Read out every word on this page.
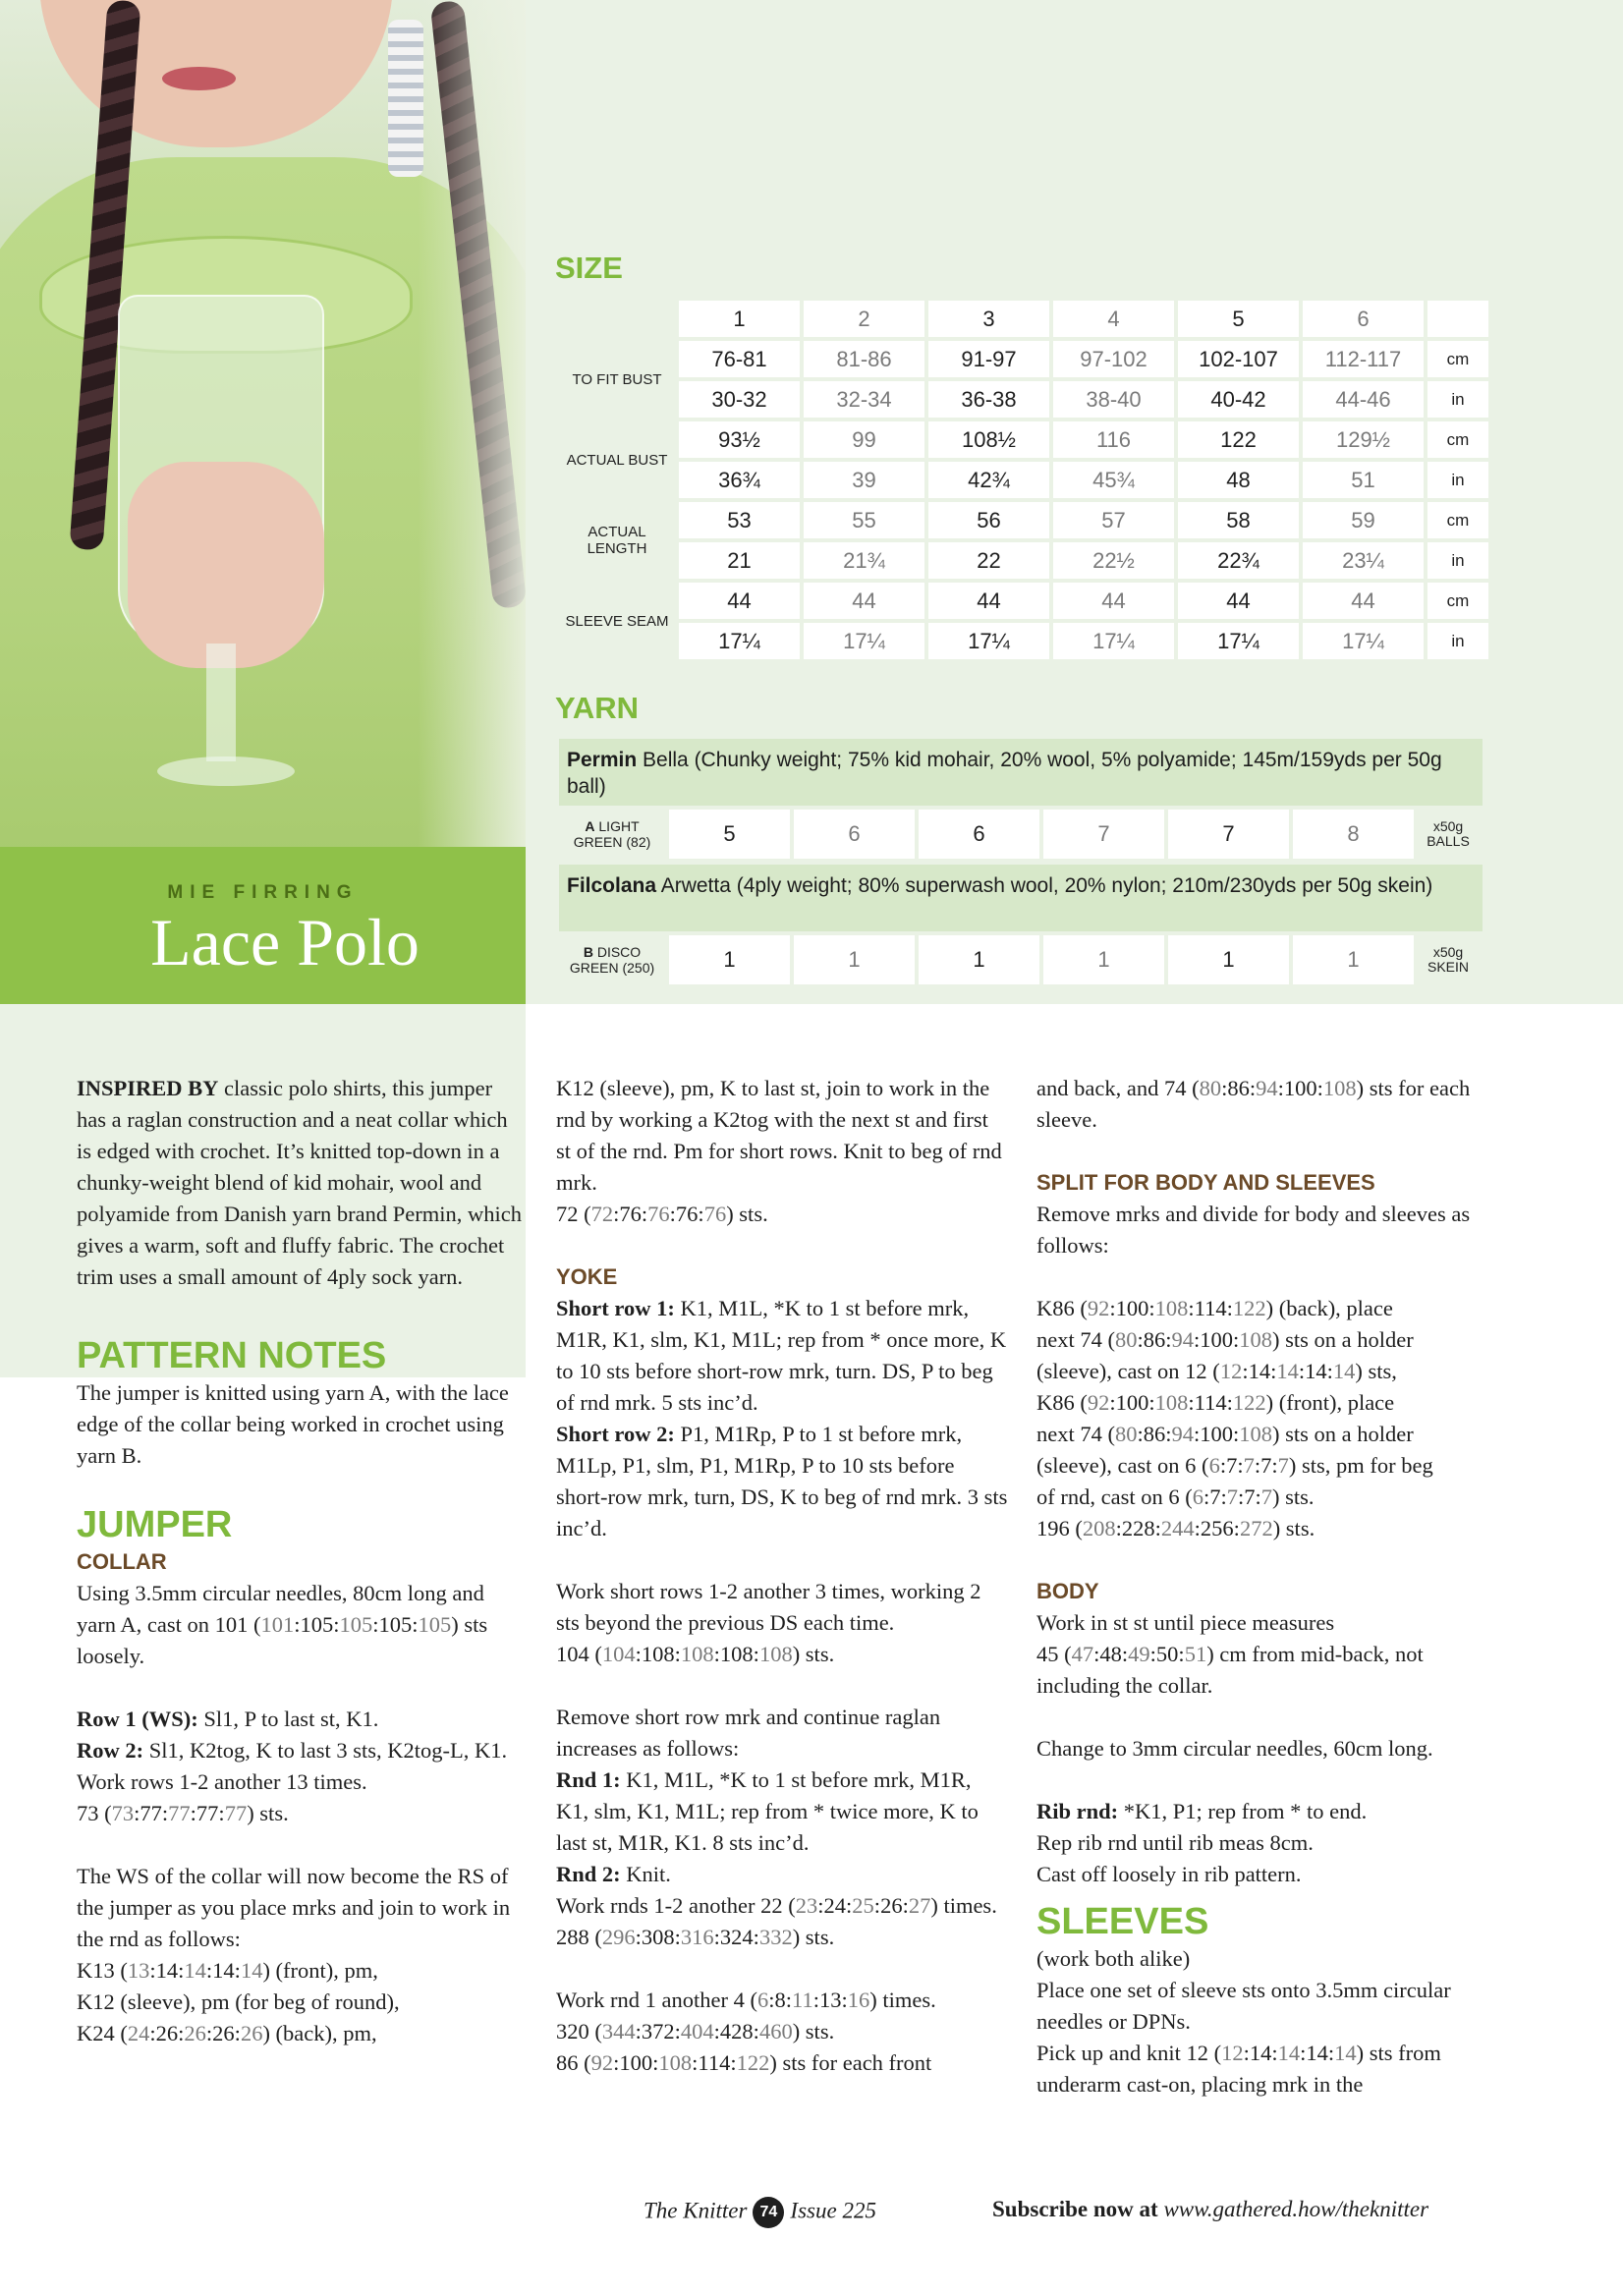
MIE FIRRING
Lace Polo
SIZE
	1	2	3	4	5	6	
TO FIT BUST	76-81	81-86	91-97	97-102	102-107	112-117	cm
	30-32	32-34	36-38	38-40	40-42	44-46	in
ACTUAL BUST	93½	99	108½	116	122	129½	cm
	36¾	39	42¾	45¾	48	51	in
ACTUAL LENGTH	53	55	56	57	58	59	cm
	21	21¾	22	22½	22¾	23¼	in
SLEEVE SEAM	44	44	44	44	44	44	cm
	17¼	17¼	17¼	17¼	17¼	17¼	in
YARN
Permin Bella (Chunky weight; 75% kid mohair, 20% wool, 5% polyamide; 145m/159yds per 50g ball)
A LIGHT GREEN (82)	5	6	6	7	7	8	x50g BALLS
Filcolana Arwetta (4ply weight; 80% superwash wool, 20% nylon; 210m/230yds per 50g skein)
B DISCO GREEN (250)	1	1	1	1	1	1	x50g SKEIN

INSPIRED BY classic polo shirts, this jumper has a raglan construction and a neat collar which is edged with crochet. It’s knitted top-down in a chunky-weight blend of kid mohair, wool and polyamide from Danish yarn brand Permin, which gives a warm, soft and fluffy fabric. The crochet trim uses a small amount of 4ply sock yarn.

PATTERN NOTES

The jumper is knitted using yarn A, with the lace edge of the collar being worked in crochet using yarn B.

JUMPER
COLLAR

Using 3.5mm circular needles, 80cm long and yarn A, cast on 101 (101:105:105:105:105) sts loosely.

Row 1 (WS): Sl1, P to last st, K1.

Row 2: Sl1, K2tog, K to last 3 sts, K2tog-L, K1.

Work rows 1-2 another 13 times.

73 (73:77:77:77:77) sts.

The WS of the collar will now become the RS of the jumper as you place mrks and join to work in the rnd as follows:

K13 (13:14:14:14:14) (front), pm,

K12 (sleeve), pm (for beg of round),

K24 (24:26:26:26:26) (back), pm,

K12 (sleeve), pm, K to last st, join to work in the rnd by working a K2tog with the next st and first st of the rnd. Pm for short rows. Knit to beg of rnd mrk.

72 (72:76:76:76:76) sts.

YOKE

Short row 1: K1, M1L, *K to 1 st before mrk, M1R, K1, slm, K1, M1L; rep from * once more, K to 10 sts before short-row mrk, turn. DS, P to beg of rnd mrk. 5 sts inc’d.

Short row 2: P1, M1Rp, P to 1 st before mrk, M1Lp, P1, slm, P1, M1Rp, P to 10 sts before short-row mrk, turn, DS, K to beg of rnd mrk. 3 sts inc’d.

Work short rows 1-2 another 3 times, working 2 sts beyond the previous DS each time.

104 (104:108:108:108:108) sts.

Remove short row mrk and continue raglan increases as follows:

Rnd 1: K1, M1L, *K to 1 st before mrk, M1R, K1, slm, K1, M1L; rep from * twice more, K to last st, M1R, K1. 8 sts inc’d.

Rnd 2: Knit.

Work rnds 1-2 another 22 (23:24:25:26:27) times.

288 (296:308:316:324:332) sts.

Work rnd 1 another 4 (6:8:11:13:16) times.

320 (344:372:404:428:460) sts.

86 (92:100:108:114:122) sts for each front

and back, and 74 (80:86:94:100:108) sts for each sleeve.

SPLIT FOR BODY AND SLEEVES

Remove mrks and divide for body and sleeves as follows:

K86 (92:100:108:114:122) (back), place

next 74 (80:86:94:100:108) sts on a holder

(sleeve), cast on 12 (12:14:14:14:14) sts,

K86 (92:100:108:114:122) (front), place

next 74 (80:86:94:100:108) sts on a holder

(sleeve), cast on 6 (6:7:7:7:7) sts, pm for beg

of rnd, cast on 6 (6:7:7:7:7) sts.

196 (208:228:244:256:272) sts.

BODY

Work in st st until piece measures

45 (47:48:49:50:51) cm from mid-back, not including the collar.

Change to 3mm circular needles, 60cm long.

Rib rnd: *K1, P1; rep from * to end.

Rep rib rnd until rib meas 8cm.

Cast off loosely in rib pattern.

SLEEVES

(work both alike)

Place one set of sleeve sts onto 3.5mm circular needles or DPNs.

Pick up and knit 12 (12:14:14:14:14) sts from underarm cast-on, placing mrk in the

The Knitter 74 Issue 225	Subscribe now at www.gathered.how/theknitter
